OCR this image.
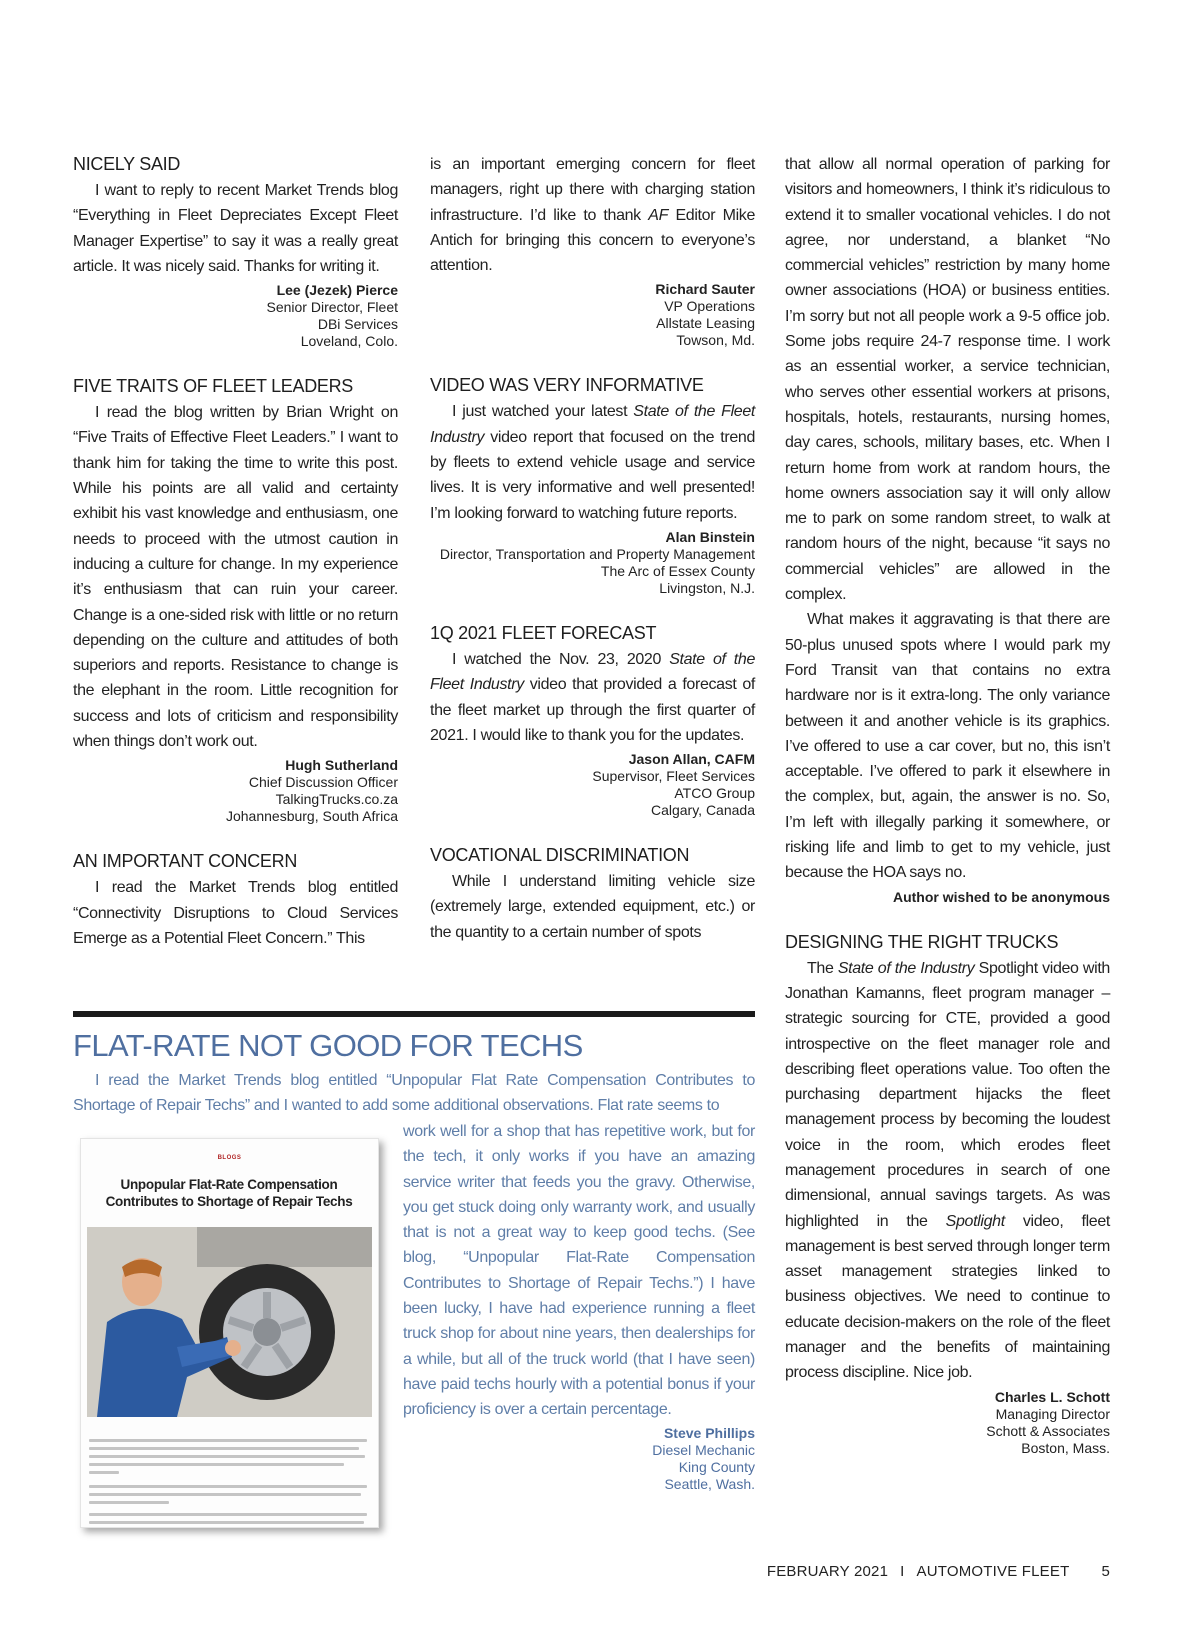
NICELY SAID

I want to reply to recent Market Trends blog “Everything in Fleet Depreciates Except Fleet Manager Expertise” to say it was a really great article. It was nicely said. Thanks for writing it.

Lee (Jezek) Pierce
Senior Director, Fleet
DBi Services
Loveland, Colo.
FIVE TRAITS OF FLEET LEADERS

I read the blog written by Brian Wright on “Five Traits of Effective Fleet Leaders.” I want to thank him for taking the time to write this post. While his points are all valid and certainty exhibit his vast knowledge and enthusiasm, one needs to proceed with the utmost caution in inducing a culture for change. In my experience it’s enthusiasm that can ruin your career. Change is a one-sided risk with little or no return depending on the culture and attitudes of both superiors and reports. Resistance to change is the elephant in the room. Little recognition for success and lots of criticism and responsibility when things don’t work out.

Hugh Sutherland
Chief Discussion Officer
TalkingTrucks.co.za
Johannesburg, South Africa
AN IMPORTANT CONCERN

I read the Market Trends blog entitled “Connectivity Disruptions to Cloud Services Emerge as a Potential Fleet Concern.” This

is an important emerging concern for fleet managers, right up there with charging station infrastructure. I’d like to thank AF Editor Mike Antich for bringing this concern to everyone’s attention.

Richard Sauter
VP Operations
Allstate Leasing
Towson, Md.
VIDEO WAS VERY INFORMATIVE

I just watched your latest State of the Fleet Industry video report that focused on the trend by fleets to extend vehicle usage and service lives. It is very informative and well presented! I’m looking forward to watching future reports.

Alan Binstein
Director, Transportation and Property Management
The Arc of Essex County
Livingston, N.J.
1Q 2021 FLEET FORECAST

I watched the Nov. 23, 2020 State of the Fleet Industry video that provided a forecast of the fleet market up through the first quarter of 2021. I would like to thank you for the updates.

Jason Allan, CAFM
Supervisor, Fleet Services
ATCO Group
Calgary, Canada
VOCATIONAL DISCRIMINATION

While I understand limiting vehicle size (extremely large, extended equipment, etc.) or the quantity to a certain number of spots

that allow all normal operation of parking for visitors and homeowners, I think it’s ridiculous to extend it to smaller vocational vehicles. I do not agree, nor understand, a blanket “No commercial vehicles” restriction by many home owner associations (HOA) or business entities. I’m sorry but not all people work a 9-5 office job. Some jobs require 24-7 response time. I work as an essential worker, a service technician, who serves other essential workers at prisons, hospitals, hotels, restaurants, nursing homes, day cares, schools, military bases, etc. When I return home from work at random hours, the home owners association say it will only allow me to park on some random street, to walk at random hours of the night, because “it says no commercial vehicles” are allowed in the complex.

What makes it aggravating is that there are 50-plus unused spots where I would park my Ford Transit van that contains no extra hardware nor is it extra-long. The only variance between it and another vehicle is its graphics. I’ve offered to use a car cover, but no, this isn’t acceptable. I’ve offered to park it elsewhere in the complex, but, again, the answer is no. So, I’m left with illegally parking it somewhere, or risking life and limb to get to my vehicle, just because the HOA says no.

Author wished to be anonymous
DESIGNING THE RIGHT TRUCKS

The State of the Industry Spotlight video with Jonathan Kamanns, fleet program manager – strategic sourcing for CTE, provided a good introspective on the fleet manager role and describing fleet operations value. Too often the purchasing department hijacks the fleet management process by becoming the loudest voice in the room, which erodes fleet management procedures in search of one dimensional, annual savings targets. As was highlighted in the Spotlight video, fleet management is best served through longer term asset management strategies linked to business objectives. We need to continue to educate decision-makers on the role of the fleet manager and the benefits of maintaining process discipline. Nice job.

Charles L. Schott
Managing Director
Schott & Associates
Boston, Mass.
FLAT-RATE NOT GOOD FOR TECHS

I read the Market Trends blog entitled “Unpopular Flat Rate Compensation Contributes to Shortage of Repair Techs” and I wanted to add some additional observations. Flat rate seems to

work well for a shop that has repetitive work, but for the tech, it only works if you have an amazing service writer that feeds you the gravy. Otherwise, you get stuck doing only warranty work, and usually that is not a great way to keep good techs. (See blog, “Unpopular Flat-Rate Compensation Contributes to Shortage of Repair Techs.”) I have been lucky, I have had experience running a fleet truck shop for about nine years, then dealerships for a while, but all of the truck world (that I have seen) have paid techs hourly with a potential bonus if your proficiency is over a certain percentage.

Steve Phillips
Diesel Mechanic
King County
Seattle, Wash.
BLOGS
Unpopular Flat-Rate Compensation Contributes to Shortage of Repair Techs
FEBRUARY 2021 I AUTOMOTIVE FLEET 5
